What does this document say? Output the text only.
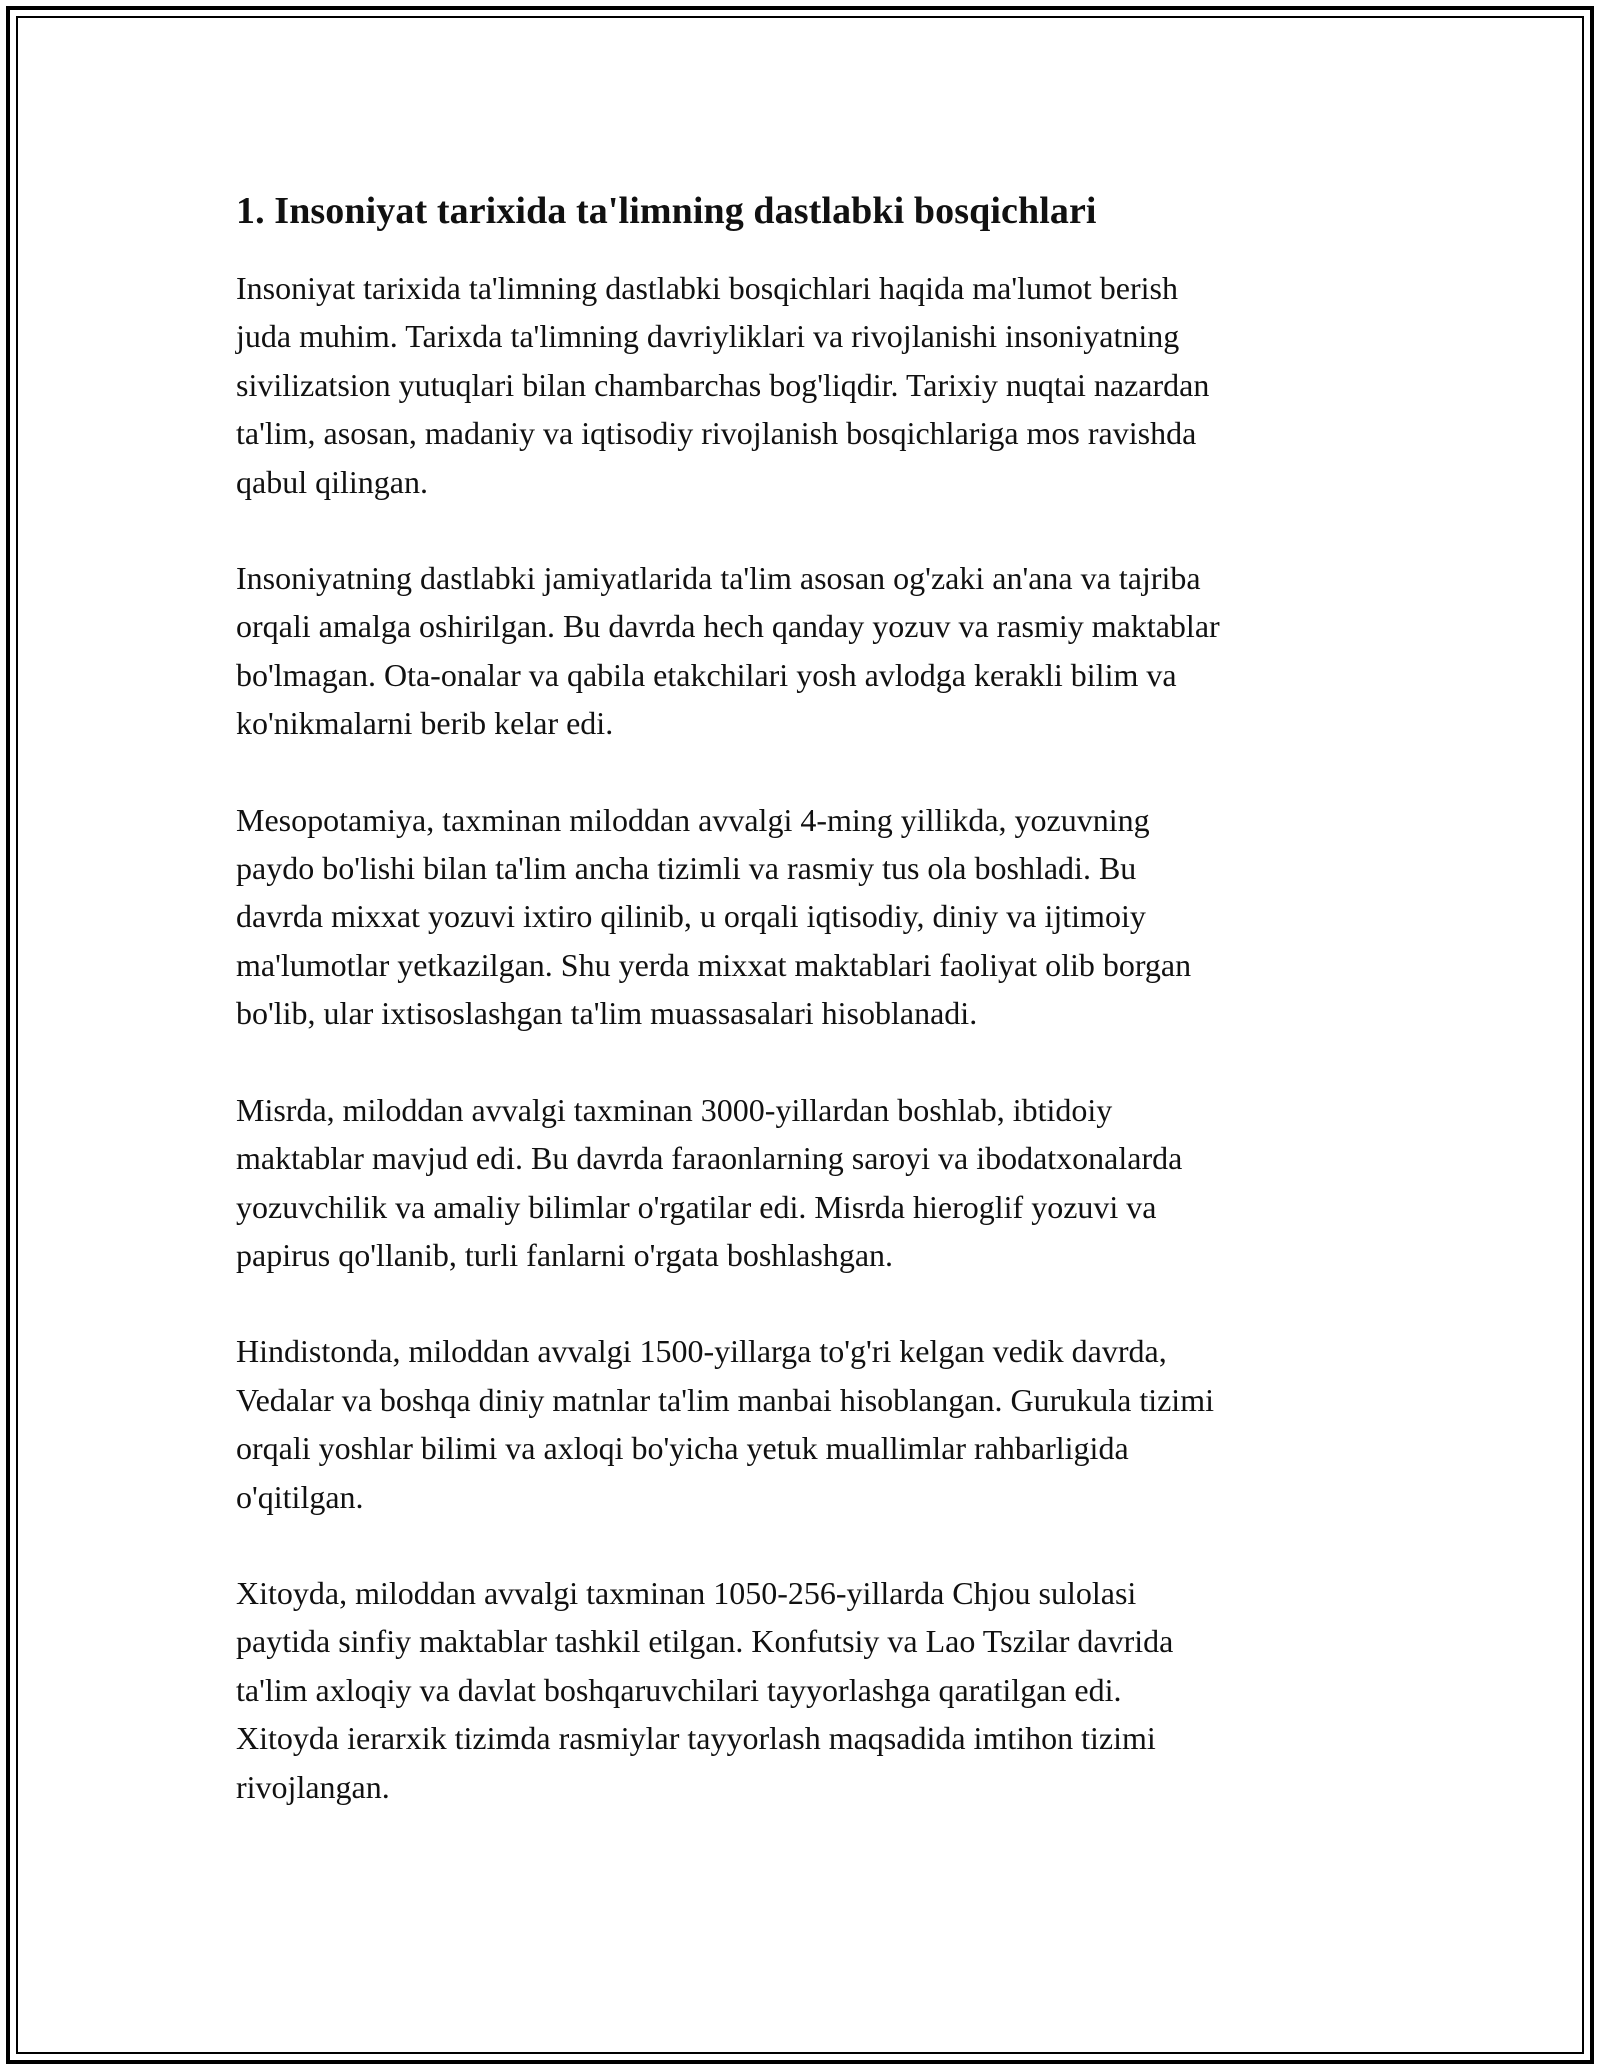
1. Insoniyat tarixida ta'limning dastlabki bosqichlari

Insoniyat tarixida ta'limning dastlabki bosqichlari haqida ma'lumot berish
juda muhim. Tarixda ta'limning davriyliklari va rivojlanishi insoniyatning
sivilizatsion yutuqlari bilan chambarchas bog'liqdir. Tarixiy nuqtai nazardan
ta'lim, asosan, madaniy va iqtisodiy rivojlanish bosqichlariga mos ravishda
qabul qilingan.

Insoniyatning dastlabki jamiyatlarida ta'lim asosan og'zaki an'ana va tajriba
orqali amalga oshirilgan. Bu davrda hech qanday yozuv va rasmiy maktablar
bo'lmagan. Ota-onalar va qabila etakchilari yosh avlodga kerakli bilim va
ko'nikmalarni berib kelar edi.

Mesopotamiya, taxminan miloddan avvalgi 4-ming yillikda, yozuvning
paydo bo'lishi bilan ta'lim ancha tizimli va rasmiy tus ola boshladi. Bu
davrda mixxat yozuvi ixtiro qilinib, u orqali iqtisodiy, diniy va ijtimoiy
ma'lumotlar yetkazilgan. Shu yerda mixxat maktablari faoliyat olib borgan
bo'lib, ular ixtisoslashgan ta'lim muassasalari hisoblanadi.

Misrda, miloddan avvalgi taxminan 3000-yillardan boshlab, ibtidoiy
maktablar mavjud edi. Bu davrda faraonlarning saroyi va ibodatxonalarda
yozuvchilik va amaliy bilimlar o'rgatilar edi. Misrda hieroglif yozuvi va
papirus qo'llanib, turli fanlarni o'rgata boshlashgan.

Hindistonda, miloddan avvalgi 1500-yillarga to'g'ri kelgan vedik davrda,
Vedalar va boshqa diniy matnlar ta'lim manbai hisoblangan. Gurukula tizimi
orqali yoshlar bilimi va axloqi bo'yicha yetuk muallimlar rahbarligida
o'qitilgan.

Xitoyda, miloddan avvalgi taxminan 1050-256-yillarda Chjou sulolasi
paytida sinfiy maktablar tashkil etilgan. Konfutsiy va Lao Tszilar davrida
ta'lim axloqiy va davlat boshqaruvchilari tayyorlashga qaratilgan edi.
Xitoyda ierarxik tizimda rasmiylar tayyorlash maqsadida imtihon tizimi
rivojlangan.
